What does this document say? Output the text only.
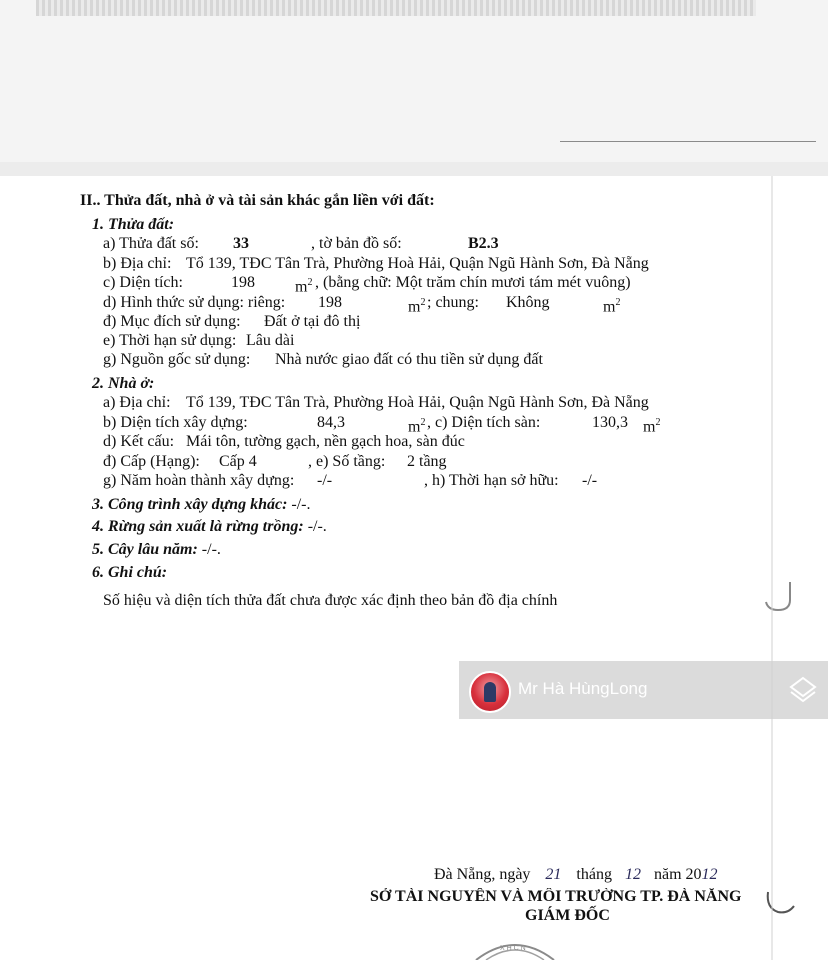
II.. Thửa đất, nhà ở và tài sản khác gắn liền với đất:
1. Thửa đất:
a) Thửa đất số: 33	, tờ bản đồ số:	B2.3
b) Địa chỉ: Tổ 139, TĐC Tân Trà, Phường Hoà Hải, Quận Ngũ Hành Sơn, Đà Nẵng
c) Diện tích:	198	$m^2$ , (bằng chữ: Một trăm chín mươi tám mét vuông)
d) Hình thức sử dụng: riêng: 198	$m^2$ ; chung: Không	$m^2$
đ) Mục đích sử dụng: Đất ở tại đô thị
e) Thời hạn sử dụng: Lâu dài
g) Nguồn gốc sử dụng: Nhà nước giao đất có thu tiền sử dụng đất
2. Nhà ở:
a) Địa chỉ: Tổ 139, TĐC Tân Trà, Phường Hoà Hải, Quận Ngũ Hành Sơn, Đà Nẵng
b) Diện tích xây dựng:	84,3	$m^2$ , c) Diện tích sàn:	130,3 $m^2$
d) Kết cấu: Mái tôn, tường gạch, nền gạch hoa, sàn đúc
đ) Cấp (Hạng): Cấp 4	, e) Số tầng: 2 tầng
g) Năm hoàn thành xây dựng: -/-	, h) Thời hạn sở hữu: -/-
3. Công trình xây dựng khác: -/-.
4. Rừng sản xuất là rừng trồng: -/-.
5. Cây lâu năm: -/-.
6. Ghi chú:
Số hiệu và diện tích thửa đất chưa được xác định theo bản đồ địa chính
Mr Hà HùngLong
Đà Nẵng, ngày 21 tháng 12 năm 2012
SỞ TÀI NGUYÊN VÀ MÔI TRƯỜNG TP. ĐÀ NẴNG
GIÁM ĐỐC
X H C N
